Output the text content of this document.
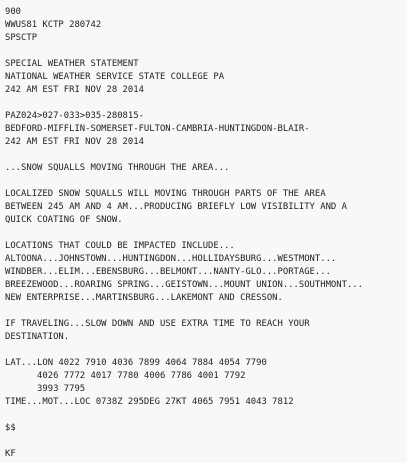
900
WWUS81 KCTP 280742
SPSCTP
SPECIAL WEATHER STATEMENT
NATIONAL WEATHER SERVICE STATE COLLEGE PA
242 AM EST FRI NOV 28 2014
PAZ024>027-033>035-280815-
BEDFORD-MIFFLIN-SOMERSET-FULTON-CAMBRIA-HUNTINGDON-BLAIR-
242 AM EST FRI NOV 28 2014
...SNOW SQUALLS MOVING THROUGH THE AREA...
LOCALIZED SNOW SQUALLS WILL MOVING THROUGH PARTS OF THE AREA
BETWEEN 245 AM AND 4 AM...PRODUCING BRIEFLY LOW VISIBILITY AND A
QUICK COATING OF SNOW.
LOCATIONS THAT COULD BE IMPACTED INCLUDE...
ALTOONA...JOHNSTOWN...HUNTINGDON...HOLLIDAYSBURG...WESTMONT...
WINDBER...ELIM...EBENSBURG...BELMONT...NANTY-GLO...PORTAGE...
BREEZEWOOD...ROARING SPRING...GEISTOWN...MOUNT UNION...SOUTHMONT...
NEW ENTERPRISE...MARTINSBURG...LAKEMONT AND CRESSON.
IF TRAVELING...SLOW DOWN AND USE EXTRA TIME TO REACH YOUR
DESTINATION.
LAT...LON 4022 7910 4036 7899 4064 7884 4054 7790
4026 7772 4017 7780 4006 7786 4001 7792
3993 7795
TIME...MOT...LOC 0738Z 295DEG 27KT 4065 7951 4043 7812
$$
KF
